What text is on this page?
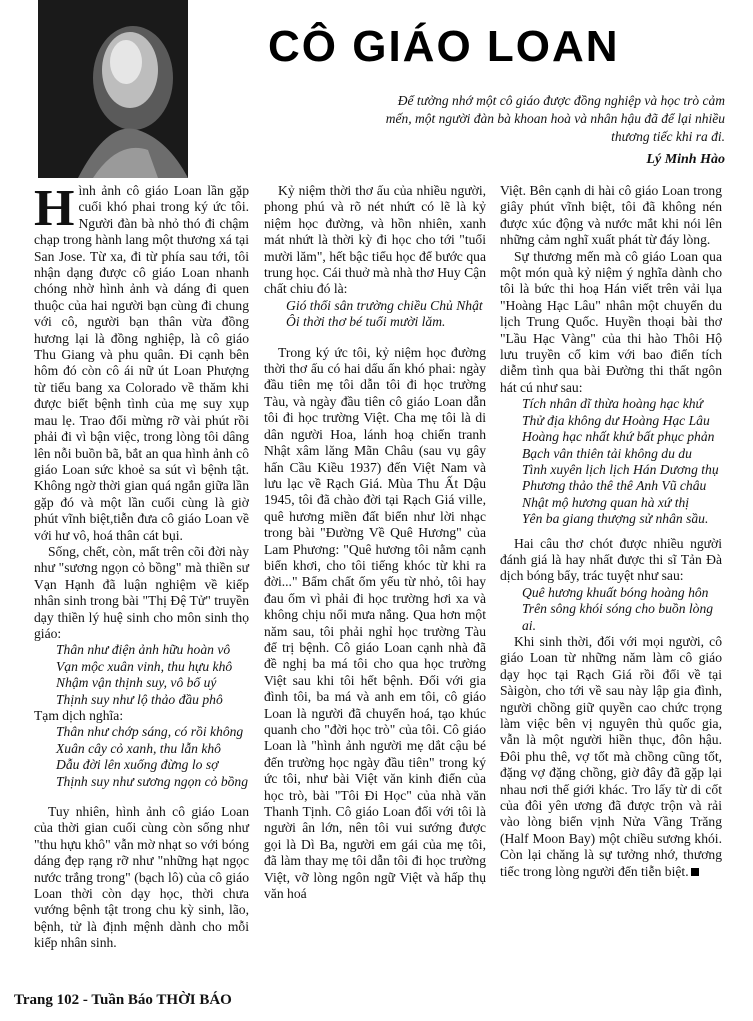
CÔ GIÁO LOAN

Để tưởng nhớ một cô giáo được đồng nghiệp và học trò cảm mến, một người đàn bà khoan hoà và nhân hậu đã để lại nhiều thương tiếc khi ra đi.

Lý Minh Hào

Hình ảnh cô giáo Loan lần gặp cuối khó phai trong ký ức tôi. Người đàn bà nhỏ thó đi chậm chạp trong hành lang một thương xá tại San Jose. Từ xa, đi từ phía sau tới, tôi nhận dạng được cô giáo Loan nhanh chóng nhờ hình ảnh và dáng đi quen thuộc của hai người bạn cùng đi chung với cô, người bạn thân vừa đồng hương lại là đồng nghiệp, là cô giáo Thu Giang và phu quân. Đi cạnh bên hôm đó còn cô ái nữ út Loan Phượng từ tiểu bang xa Colorado về thăm khi được biết bệnh tình của mẹ suy xụp mau lẹ. Trao đổi mừng rỡ vài phút rồi phải đi vì bận việc, trong lòng tôi dâng lên nỗi buồn bã, bắt an qua hình ảnh cô giáo Loan sức khoẻ sa sút vì bệnh tật. Không ngờ thời gian quá ngắn giữa lần gặp đó và một lần cuối cùng là giờ phút vĩnh biệt,tiễn đưa cô giáo Loan về với hư vô, hoá thân cát bụi.

Sống, chết, còn, mất trên cõi đời này như "sương ngọn cỏ bồng" mà thiền sư Vạn Hạnh đã luận nghiệm về kiếp nhân sinh trong bài "Thị Đệ Tử" truyền dạy thiền lý huệ sinh cho môn sinh thọ giáo:

Thân như điện ảnh hữu hoàn vô
Vạn mộc xuân vinh, thu hựu khô
Nhậm vận thịnh suy, vô bố uý
Thịnh suy như lộ thảo đầu phô

Tạm dịch nghĩa:

Thân như chớp sáng, có rồi không
Xuân cây cỏ xanh, thu lẫn khô
Dẫu đời lên xuống đừng lo sợ
Thịnh suy như sương ngọn cỏ bồng

Tuy nhiên, hình ảnh cô giáo Loan của thời gian cuối cùng còn sống như "thu hựu khô" vẫn mờ nhạt so với bóng dáng đẹp rạng rỡ như "những hạt ngọc nước trắng trong" (bạch lô) của cô giáo Loan thời còn dạy học, thời chưa vướng bệnh tật trong chu kỳ sinh, lão, bệnh, tử là định mệnh dành cho mỗi kiếp nhân sinh.

Kỷ niệm thời thơ ấu của nhiều người, phong phú và rõ nét nhứt có lẽ là kỷ niệm học đường, và hồn nhiên, xanh mát nhứt là thời kỳ đi học cho tới "tuổi mười lăm", hết bậc tiểu học để bước qua trung học. Cái thuở mà nhà thơ Huy Cận chất chiu đó là:

Gió thổi sân trường chiều Chủ Nhật
Ôi thời thơ bé tuổi mười lăm.

Trong ký ức tôi, kỷ niệm học đường thời thơ ấu có hai dấu ấn khó phai: ngày đầu tiên mẹ tôi dẫn tôi đi học trường Tàu, và ngày đầu tiên cô giáo Loan dẫn tôi đi học trường Việt. Cha mẹ tôi là di dân người Hoa, lánh hoạ chiến tranh Nhật xâm lăng Mãn Châu (sau vụ gây hấn Cầu Kiều 1937) đến Việt Nam và lưu lạc về Rạch Giá. Mùa Thu Ất Dậu 1945, tôi đã chào đời tại Rạch Giá ville, quê hương miền đất biển như lời nhạc trong bài "Đường Về Quê Hương" của Lam Phương: "Quê hương tôi nằm cạnh biển khơi, cho tôi tiếng khóc từ khi ra đời..." Bẩm chất ốm yếu từ nhỏ, tôi hay đau ốm vì phải đi học trường hơi xa và không chịu nổi mưa nắng. Qua hơn một năm sau, tôi phải nghỉ học trường Tàu để trị bệnh. Cô giáo Loan cạnh nhà đã đề nghị ba má tôi cho qua học trường Việt sau khi tôi hết bệnh. Đối với gia đình tôi, ba má và anh em tôi, cô giáo Loan là người đã chuyển hoá, tạo khúc quanh cho "đời học trò" của tôi. Cô giáo Loan là "hình ảnh người mẹ dắt cậu bé đến trường học ngày đầu tiên" trong ký ức tôi, như bài Việt văn kinh điển của học trò, bài "Tôi Đi Học" của nhà văn Thanh Tịnh. Cô giáo Loan đối với tôi là người ân lớn, nên tôi vui sướng được gọi là Dì Ba, người em gái của mẹ tôi, đã làm thay mẹ tôi dẫn tôi đi học trường Việt, vỡ lòng ngôn ngữ Việt và hấp thụ văn hoá

Việt. Bên cạnh di hài cô giáo Loan trong giây phút vĩnh biệt, tôi đã không nén được xúc động và nước mắt khi nói lên những cảm nghĩ xuất phát từ đáy lòng.

Sự thương mến mà cô giáo Loan qua một món quà kỷ niệm ý nghĩa dành cho tôi là bức thi hoạ Hán viết trên vải lụa "Hoàng Hạc Lâu" nhân một chuyến du lịch Trung Quốc. Huyền thoại bài thơ "Lầu Hạc Vàng" của thi hào Thôi Hộ lưu truyền cổ kim với bao điển tích diễm tình qua bài Đường thi thất ngôn hát cú như sau:

Tích nhân dĩ thừa hoàng hạc khứ
Thử địa không dư Hoàng Hạc Lâu
Hoàng hạc nhất khứ bất phục phản
Bạch vân thiên tải không du du
Tình xuyên lịch lịch Hán Dương thụ
Phương thảo thê thê Anh Vũ châu
Nhật mộ hương quan hà xứ thị
Yên ba giang thượng sử nhân sầu.

Hai câu thơ chót được nhiều người đánh giá là hay nhất được thi sĩ Tản Đà dịch bóng bẩy, trác tuyệt như sau:

Quê hương khuất bóng hoàng hôn
Trên sông khói sóng cho buồn lòng ai.

Khi sinh thời, đối với mọi người, cô giáo Loan từ những năm làm cô giáo dạy học tại Rạch Giá rồi đổi về tại Sàigòn, cho tới về sau này lập gia đình, người chồng giữ quyền cao chức trọng làm việc bên vị nguyên thủ quốc gia, vẫn là một người hiền thục, đôn hậu. Đôi phu thê, vợ tốt mà chồng cũng tốt, đặng vợ đặng chồng, giờ đây đã gặp lại nhau nơi thế giới khác. Tro lấy từ di cốt của đôi yên ương đã được trộn và rải vào lòng biển vịnh Nửa Vầng Trăng (Half Moon Bay) một chiều sương khói. Còn lại chăng là sự tưởng nhớ, thương tiếc trong lòng người đến tiễn biệt.

Trang 102 - Tuần Báo THỜI BÁO
